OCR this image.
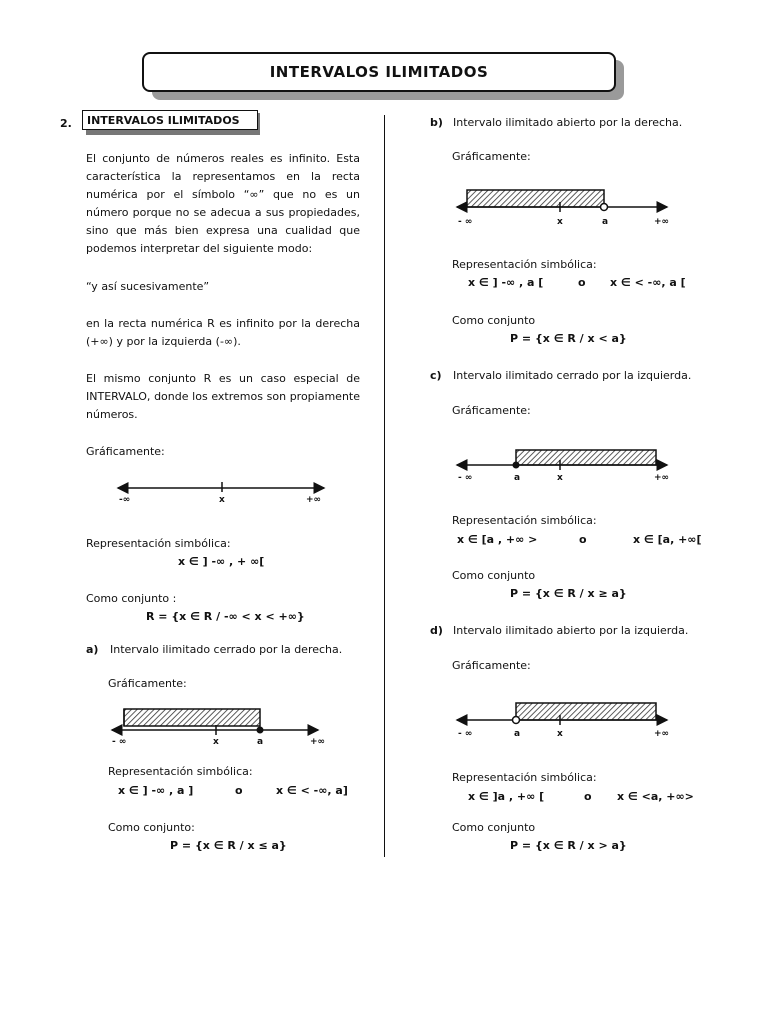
INTERVALOS ILIMITADOS
2.	INTERVALOS ILIMITADOS
El conjunto de números reales es infinito. Esta característica la representamos en la recta numérica por el símbolo “∞” que no es un número porque no se adecua a sus propiedades, sino que más bien expresa una cualidad que podemos interpretar del siguiente modo:
“y así sucesivamente”
en la recta numérica R es infinito por la derecha (+∞) y por la izquierda (-∞).
El mismo conjunto R es un caso especial de INTERVALO, donde los extremos son propiamente números.
Gráficamente:
-∞	x	+∞
Representación simbólica:
x ∈ ] -∞ , + ∞[
Como conjunto :
R = {x ∈ R / -∞ < x < +∞}
a) Intervalo ilimitado cerrado por la derecha.
Gráficamente:
- ∞	x	a	+∞
Representación simbólica:
x ∈ ] -∞ , a ]	o	x ∈ < -∞, a]
Como conjunto:
P = {x ∈ R / x ≤ a}
b) Intervalo ilimitado abierto por la derecha.
Gráficamente:
- ∞	x	a	+∞
Representación simbólica:
x ∈ ] -∞ , a [	o x ∈ < -∞, a [
Como conjunto
P = {x ∈ R / x < a}
c) Intervalo ilimitado cerrado por la izquierda.
Gráficamente:
- ∞	a	x	+∞
Representación simbólica:
x ∈ [a , +∞ >	o	x ∈ [a, +∞[
Como conjunto
P = {x ∈ R / x ≥ a}
d) Intervalo ilimitado abierto por la izquierda.
Gráficamente:
- ∞	a	x	+∞
Representación simbólica:
x ∈ ]a , +∞ [	o x ∈ <a, +∞>
Como conjunto
P = {x ∈ R / x > a}
